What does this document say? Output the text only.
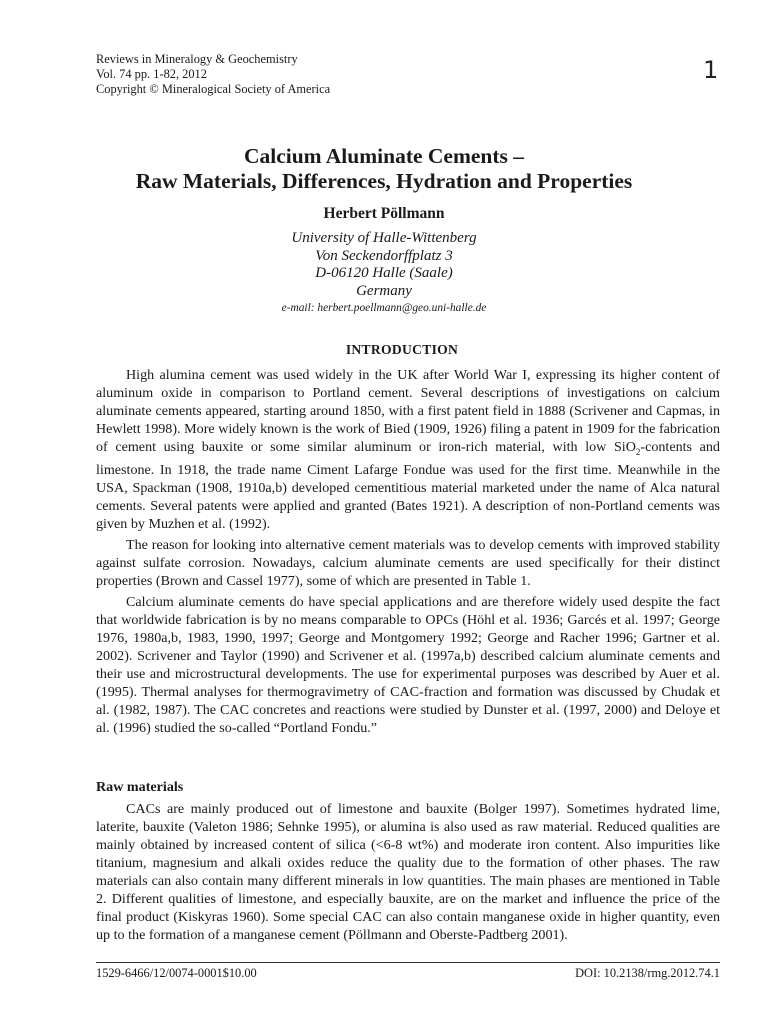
Reviews in Mineralogy & Geochemistry
Vol. 74 pp. 1-82, 2012
Copyright © Mineralogical Society of America
1
Calcium Aluminate Cements –
Raw Materials, Differences, Hydration and Properties
Herbert Pöllmann
University of Halle-Wittenberg
Von Seckendorffplatz 3
D-06120 Halle (Saale)
Germany
e-mail: herbert.poellmann@geo.uni-halle.de
INTRODUCTION

High alumina cement was used widely in the UK after World War I, expressing its higher content of aluminum oxide in comparison to Portland cement. Several descriptions of investigations on calcium aluminate cements appeared, starting around 1850, with a first patent field in 1888 (Scrivener and Capmas, in Hewlett 1998). More widely known is the work of Bied (1909, 1926) filing a patent in 1909 for the fabrication of cement using bauxite or some similar aluminum or iron-rich material, with low SiO$_2$-contents and limestone. In 1918, the trade name Ciment Lafarge Fondue was used for the first time. Meanwhile in the USA, Spackman (1908, 1910a,b) developed cementitious material marketed under the name of Alca natural cements. Several patents were applied and granted (Bates 1921). A description of non-Portland cements was given by Muzhen et al. (1992).

The reason for looking into alternative cement materials was to develop cements with improved stability against sulfate corrosion. Nowadays, calcium aluminate cements are used specifically for their distinct properties (Brown and Cassel 1977), some of which are presented in Table 1.

Calcium aluminate cements do have special applications and are therefore widely used despite the fact that worldwide fabrication is by no means comparable to OPCs (Höhl et al. 1936; Garcés et al. 1997; George 1976, 1980a,b, 1983, 1990, 1997; George and Montgomery 1992; George and Racher 1996; Gartner et al. 2002). Scrivener and Taylor (1990) and Scrivener et al. (1997a,b) described calcium aluminate cements and their use and microstructural developments. The use for experimental purposes was described by Auer et al. (1995). Thermal analyses for thermogravimetry of CAC-fraction and formation was discussed by Chudak et al. (1982, 1987). The CAC concretes and reactions were studied by Dunster et al. (1997, 2000) and Deloye et al. (1996) studied the so-called “Portland Fondu.”

Raw materials

CACs are mainly produced out of limestone and bauxite (Bolger 1997). Sometimes hydrated lime, laterite, bauxite (Valeton 1986; Sehnke 1995), or alumina is also used as raw material. Reduced qualities are mainly obtained by increased content of silica (<6-8 wt%) and moderate iron content. Also impurities like titanium, magnesium and alkali oxides reduce the quality due to the formation of other phases. The raw materials can also contain many different minerals in low quantities. The main phases are mentioned in Table 2. Different qualities of limestone, and especially bauxite, are on the market and influence the price of the final product (Kiskyras 1960). Some special CAC can also contain manganese oxide in higher quantity, even up to the formation of a manganese cement (Pöllmann and Oberste-Padtberg 2001).

1529-6466/12/0074-0001$10.00	DOI: 10.2138/rmg.2012.74.1
